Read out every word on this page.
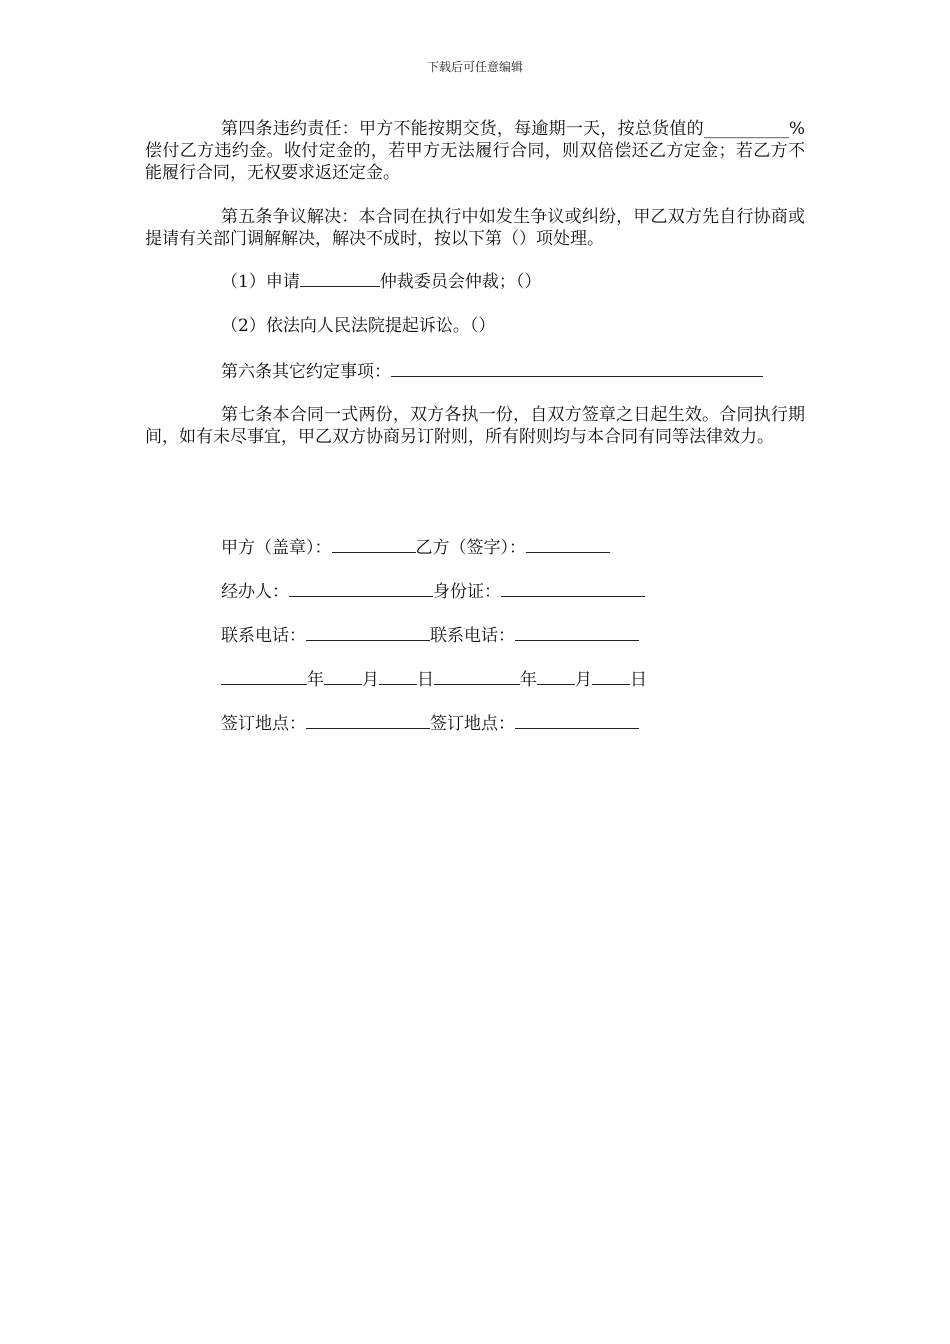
下载后可任意编辑

第四条违约责任：甲方不能按期交货，每逾期一天，按总货值的__________%偿付乙方违约金。收付定金的，若甲方无法履行合同，则双倍偿还乙方定金；若乙方不能履行合同，无权要求返还定金。

第五条争议解决：本合同在执行中如发生争议或纠纷，甲乙双方先自行协商或提请有关部门调解解决，解决不成时，按以下第（）项处理。

（1）申请	仲裁委员会仲裁；（）
（2）依法向人民法院提起诉讼。（）
第六条其它约定事项：

第七条本合同一式两份，双方各执一份，自双方签章之日起生效。合同执行期间，如有未尽事宜，甲乙双方协商另订附则，所有附则均与本合同有同等法律效力。

甲方（盖章）：	乙方（签字）：
经办人：	身份证：
联系电话：	联系电话：
年 月 日	年 月 日
签订地点：	签订地点：
